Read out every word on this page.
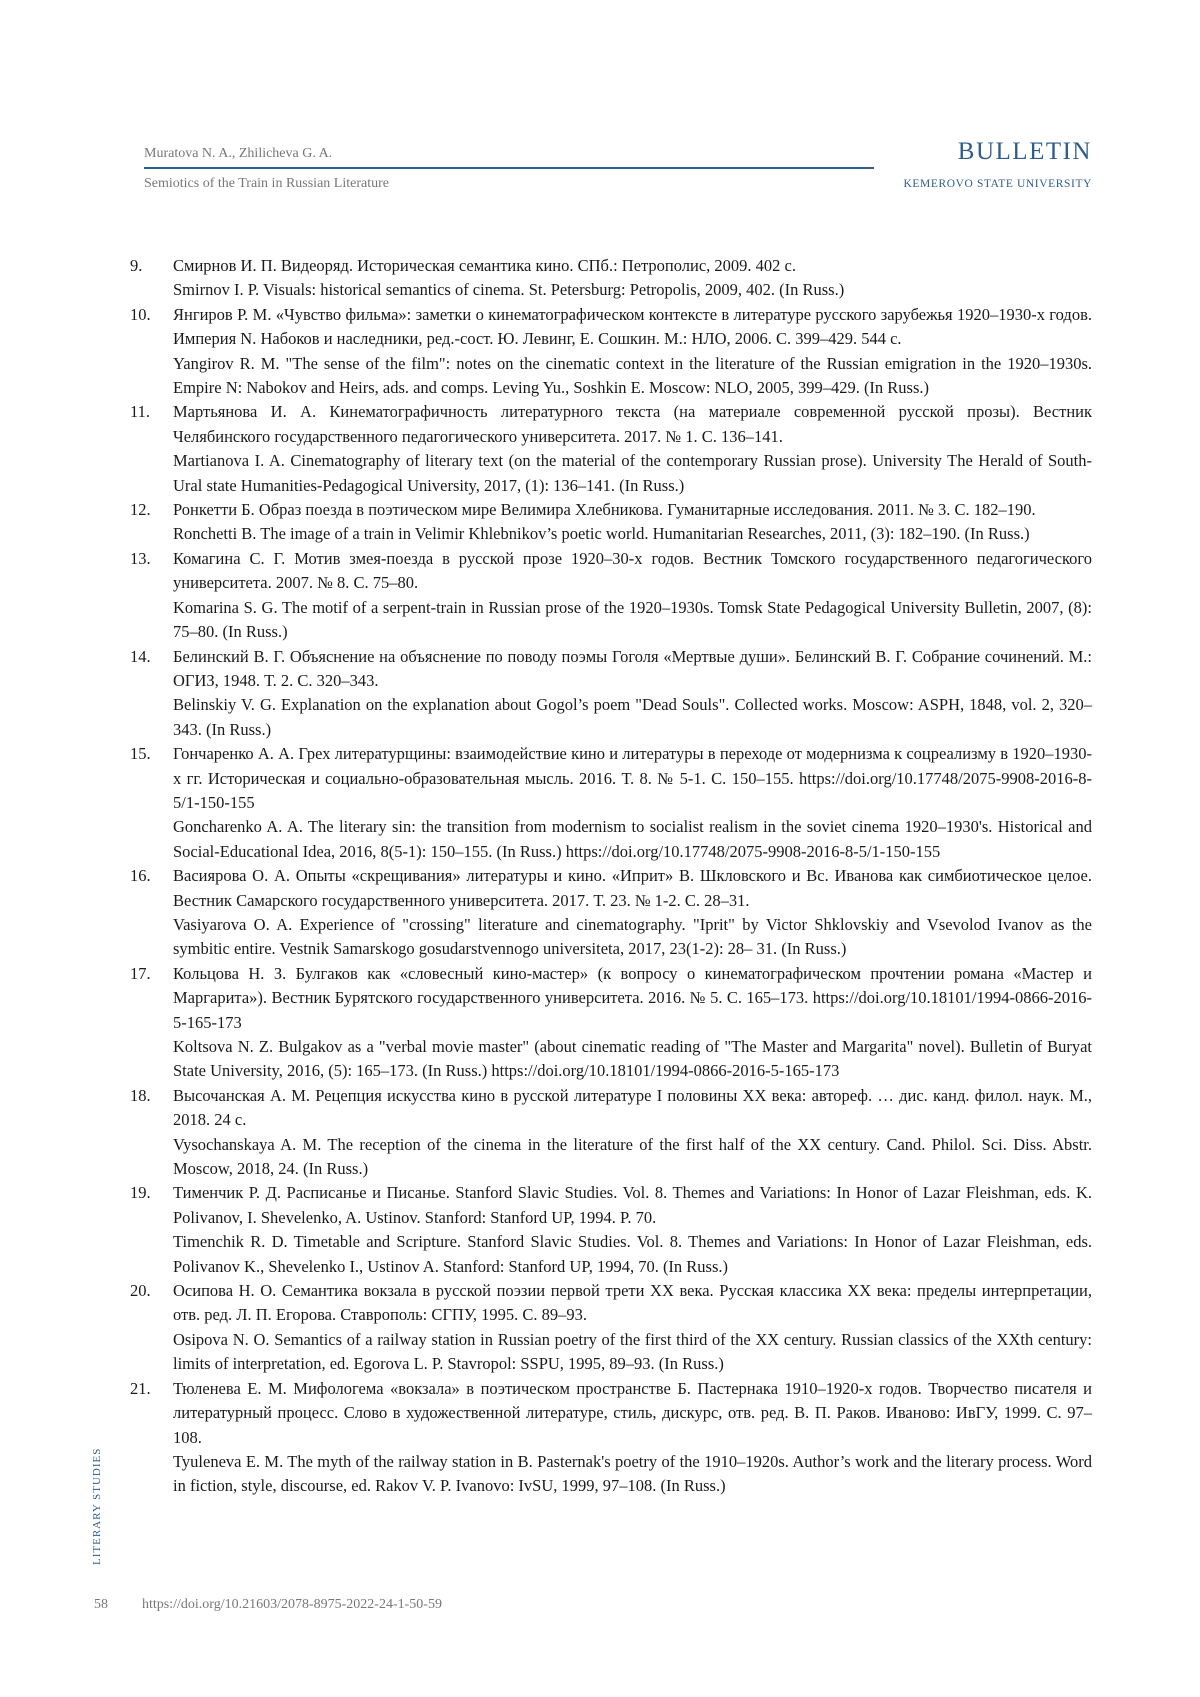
Muratova N. A., Zhilicheva G. A.
Semiotics of the Train in Russian Literature
BULLETIN
KEMEROVO STATE UNIVERSITY
9.	Смирнов И. П. Видеоряд. Историческая семантика кино. СПб.: Петрополис, 2009. 402 с.

Smirnov I. P. Visuals: historical semantics of cinema. St. Petersburg: Petropolis, 2009, 402. (In Russ.)

10.	Янгиров Р. М. «Чувство фильма»: заметки о кинематографическом контексте в литературе русского зарубежья 1920–1930-х годов. Империя N. Набоков и наследники, ред.-сост. Ю. Левинг, Е. Сошкин. М.: НЛО, 2006. С. 399–429. 544 с.

Yangirov R. M. "The sense of the film": notes on the cinematic context in the literature of the Russian emigration in the 1920–1930s. Empire N: Nabokov and Heirs, ads. and comps. Leving Yu., Soshkin E. Moscow: NLO, 2005, 399–429. (In Russ.)

11.	Мартьянова И. А. Кинематографичность литературного текста (на материале современной русской прозы). Вестник Челябинского государственного педагогического университета. 2017. № 1. С. 136–141.

Martianova I. A. Cinematography of literary text (on the material of the contemporary Russian prose). University The Herald of South-Ural state Humanities-Pedagogical University, 2017, (1): 136–141. (In Russ.)

12.	Ронкетти Б. Образ поезда в поэтическом мире Велимира Хлебникова. Гуманитарные исследования. 2011. № 3. С. 182–190.

Ronchetti B. The image of a train in Velimir Khlebnikov’s poetic world. Humanitarian Researches, 2011, (3): 182–190. (In Russ.)

13.	Комагина С. Г. Мотив змея-поезда в русской прозе 1920–30-х годов. Вестник Томского государственного педагогического университета. 2007. № 8. С. 75–80.

Komarina S. G. The motif of a serpent-train in Russian prose of the 1920–1930s. Tomsk State Pedagogical University Bulletin, 2007, (8): 75–80. (In Russ.)

14.	Белинский В. Г. Объяснение на объяснение по поводу поэмы Гоголя «Мертвые души». Белинский В. Г. Собрание сочинений. М.: ОГИЗ, 1948. Т. 2. С. 320–343.

Belinskiy V. G. Explanation on the explanation about Gogol’s poem "Dead Souls". Collected works. Moscow: ASPH, 1848, vol. 2, 320–343. (In Russ.)

15.	Гончаренко А. А. Грех литературщины: взаимодействие кино и литературы в переходе от модернизма к соцреализму в 1920–1930-х гг. Историческая и социально-образовательная мысль. 2016. Т. 8. № 5-1. С. 150–155. https://doi.org/10.17748/2075-9908-2016-8-5/1-150-155

Goncharenko A. A. The literary sin: the transition from modernism to socialist realism in the soviet cinema 1920–1930's. Historical and Social-Educational Idea, 2016, 8(5-1): 150–155. (In Russ.) https://doi.org/10.17748/2075-9908-2016-8-5/1-150-155

16.	Васиярова О. А. Опыты «скрещивания» литературы и кино. «Иприт» В. Шкловского и Вс. Иванова как симбиотическое целое. Вестник Самарского государственного университета. 2017. Т. 23. № 1-2. С. 28–31.

Vasiyarova O. A. Experience of "crossing" literature and cinematography. "Iprit" by Victor Shklovskiy and Vsevolod Ivanov as the symbitic entire. Vestnik Samarskogo gosudarstvennogo universiteta, 2017, 23(1-2): 28– 31. (In Russ.)

17.	Кольцова Н. З. Булгаков как «словесный кино-мастер» (к вопросу о кинематографическом прочтении романа «Мастер и Маргарита»). Вестник Бурятского государственного университета. 2016. № 5. С. 165–173. https://doi.org/10.18101/1994-0866-2016-5-165-173

Koltsova N. Z. Bulgakov as a "verbal movie master" (about cinematic reading of "The Master and Margarita" novel). Bulletin of Buryat State University, 2016, (5): 165–173. (In Russ.) https://doi.org/10.18101/1994-0866-2016-5-165-173

18.	Высочанская А. М. Рецепция искусства кино в русской литературе I половины XX века: автореф. … дис. канд. филол. наук. М., 2018. 24 с.

Vysochanskaya A. M. The reception of the cinema in the literature of the first half of the XX century. Cand. Philol. Sci. Diss. Abstr. Moscow, 2018, 24. (In Russ.)

19.	Тименчик Р. Д. Расписанье и Писанье. Stanford Slavic Studies. Vol. 8. Themes and Variations: In Honor of Lazar Fleishman, eds. K. Polivanov, I. Shevelenko, A. Ustinov. Stanford: Stanford UP, 1994. P. 70.

Timenchik R. D. Timetable and Scripture. Stanford Slavic Studies. Vol. 8. Themes and Variations: In Honor of Lazar Fleishman, eds. Polivanov K., Shevelenko I., Ustinov A. Stanford: Stanford UP, 1994, 70. (In Russ.)

20.	Осипова Н. О. Семантика вокзала в русской поэзии первой трети XX века. Русская классика XX века: пределы интерпретации, отв. ред. Л. П. Егорова. Ставрополь: СГПУ, 1995. С. 89–93.

Osipova N. O. Semantics of a railway station in Russian poetry of the first third of the XX century. Russian classics of the XXth century: limits of interpretation, ed. Egorova L. P. Stavropol: SSPU, 1995, 89–93. (In Russ.)

21.	Тюленева Е. М. Мифологема «вокзала» в поэтическом пространстве Б. Пастернака 1910–1920-х годов. Творчество писателя и литературный процесс. Слово в художественной литературе, стиль, дискурс, отв. ред. В. П. Раков. Иваново: ИвГУ, 1999. С. 97–108.

Tyuleneva E. M. The myth of the railway station in B. Pasternak's poetry of the 1910–1920s. Author’s work and the literary process. Word in fiction, style, discourse, ed. Rakov V. P. Ivanovo: IvSU, 1999, 97–108. (In Russ.)

LITERARY STUDIES
58 https://doi.org/10.21603/2078-8975-2022-24-1-50-59
